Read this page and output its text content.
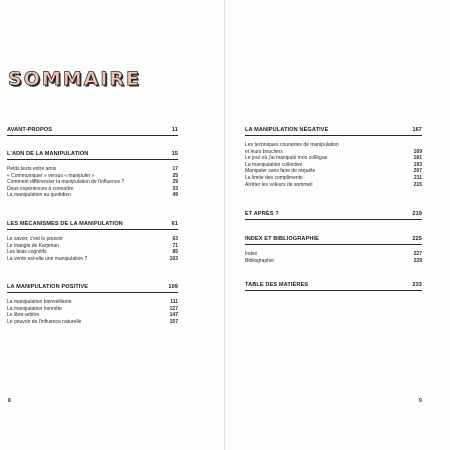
SOMMAIRE
AVANT-PROPOS	11
L'ADN DE LA MANIPULATION	15
Petits tests entre amis	17
« Communiquer » versus « manipuler »	25
Comment différencier la manipulation de l'influence ?	29
Deux expériences à connaître	33
La manipulation au quotidien	49
LES MÉCANISMES DE LA MANIPULATION	61
Le savoir, c'est le pouvoir	63
Le triangle de Karpman	71
Les biais cognitifs	85
La vente est-elle une manipulation ?	103
LA MANIPULATION POSITIVE	109
La manipulation bienveillante	111
La manipulation honnête	127
Le libre-arbitre	147
Le pouvoir de l'influence naturelle	157
8
LA MANIPULATION NÉGATIVE	167
Les techniques courantes de manipulation
et leurs boucliers	169
Le jour où j'ai manipulé mon collègue	181
La manipulation collective	193
Manipuler sans faire de requête	207
La limite des compliments	211
Arrêter les voleurs de sommeil	215
ET APRÈS ?	219
INDEX ET BIBLIOGRAPHIE	225
Index	227
Bibliographie	229
TABLE DES MATIÈRES	233
9
